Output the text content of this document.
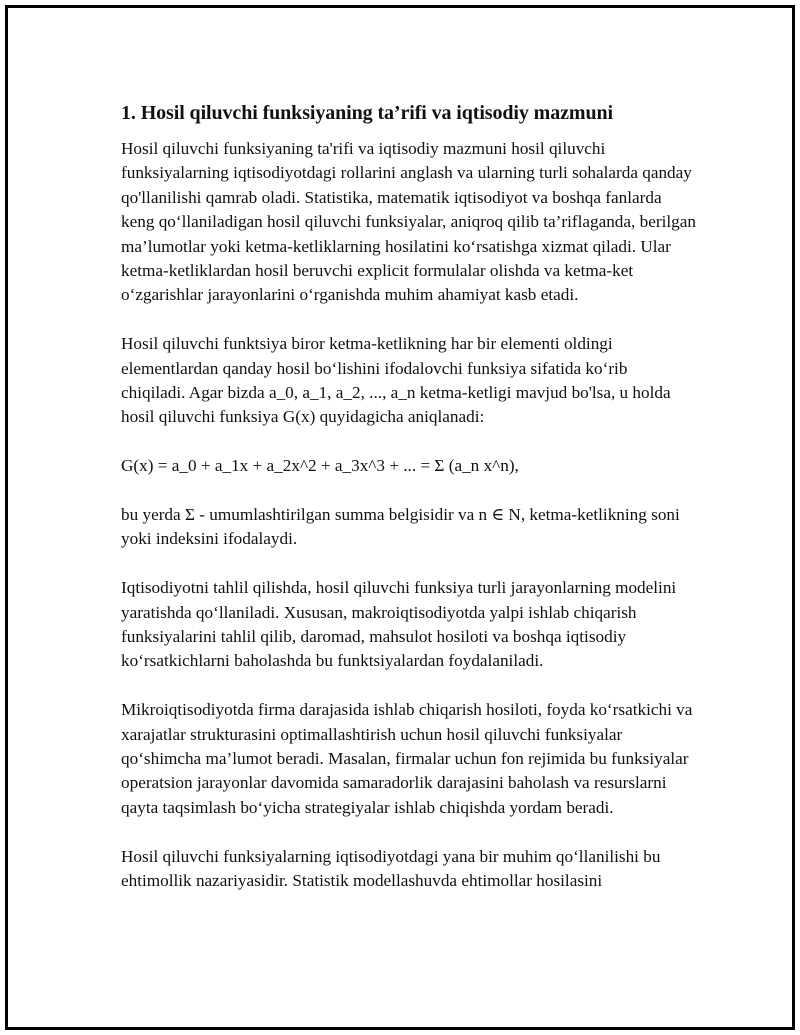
1. Hosil qiluvchi funksiyaning ta’rifi va iqtisodiy mazmuni

Hosil qiluvchi funksiyaning ta'rifi va iqtisodiy mazmuni hosil qiluvchi funksiyalarning iqtisodiyotdagi rollarini anglash va ularning turli sohalarda qanday qo'llanilishi qamrab oladi. Statistika, matematik iqtisodiyot va boshqa fanlarda keng qo‘llaniladigan hosil qiluvchi funksiyalar, aniqroq qilib ta’riflaganda, berilgan ma’lumotlar yoki ketma-ketliklarning hosilatini ko‘rsatishga xizmat qiladi. Ular ketma-ketliklardan hosil beruvchi explicit formulalar olishda va ketma-ket o‘zgarishlar jarayonlarini o‘rganishda muhim ahamiyat kasb etadi.

Hosil qiluvchi funktsiya biror ketma-ketlikning har bir elementi oldingi elementlardan qanday hosil bo‘lishini ifodalovchi funksiya sifatida ko‘rib chiqiladi. Agar bizda a_0, a_1, a_2, ..., a_n ketma-ketligi mavjud bo'lsa, u holda hosil qiluvchi funksiya G(x) quyidagicha aniqlanadi:

G(x) = a_0 + a_1x + a_2x^2 + a_3x^3 + ... = Σ (a_n x^n),

bu yerda Σ - umumlashtirilgan summa belgisidir va n ∈ N, ketma-ketlikning soni yoki indeksini ifodalaydi.

Iqtisodiyotni tahlil qilishda, hosil qiluvchi funksiya turli jarayonlarning modelini yaratishda qo‘llaniladi. Xususan, makroiqtisodiyotda yalpi ishlab chiqarish funksiyalarini tahlil qilib, daromad, mahsulot hosiloti va boshqa iqtisodiy ko‘rsatkichlarni baholashda bu funktsiyalardan foydalaniladi.

Mikroiqtisodiyotda firma darajasida ishlab chiqarish hosiloti, foyda ko‘rsatkichi va xarajatlar strukturasini optimallashtirish uchun hosil qiluvchi funksiyalar qo‘shimcha ma’lumot beradi. Masalan, firmalar uchun fon rejimida bu funksiyalar operatsion jarayonlar davomida samaradorlik darajasini baholash va resurslarni qayta taqsimlash bo‘yicha strategiyalar ishlab chiqishda yordam beradi.

Hosil qiluvchi funksiyalarning iqtisodiyotdagi yana bir muhim qo‘llanilishi bu ehtimollik nazariyasidir. Statistik modellashuvda ehtimollar hosilasini
